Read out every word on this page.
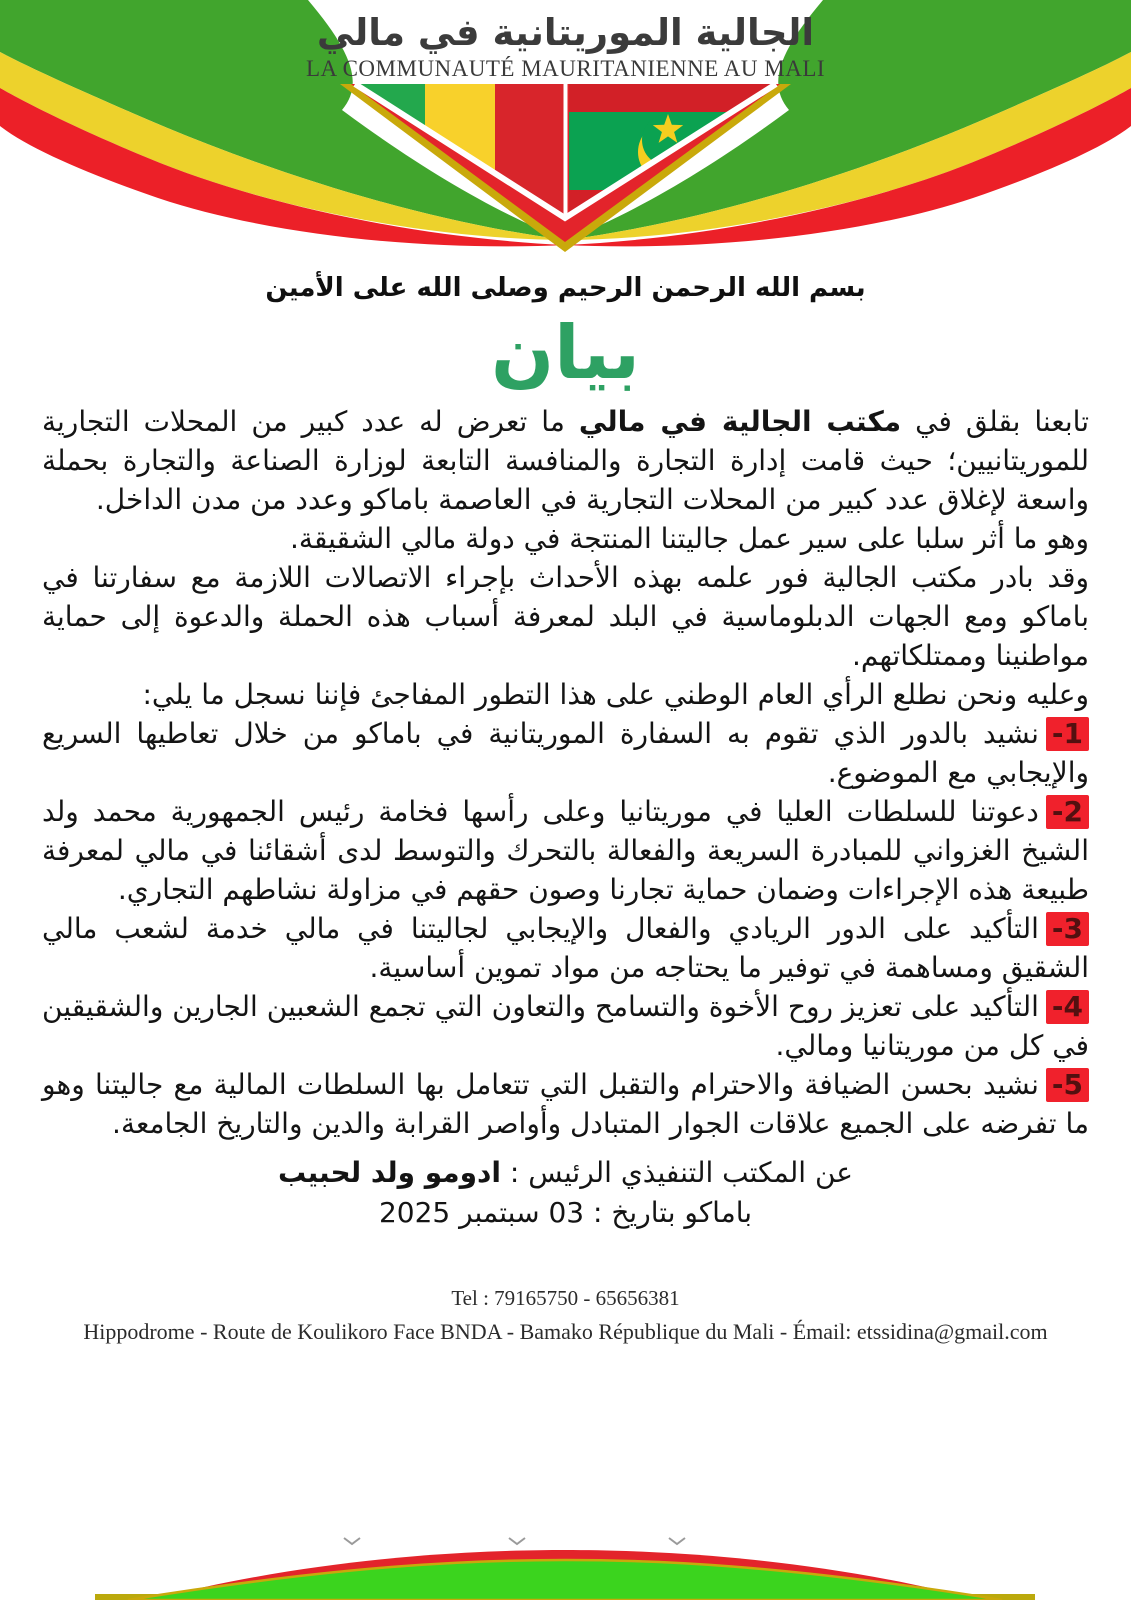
الجالية الموريتانية في مالي
LA COMMUNAUTÉ MAURITANIENNE AU MALI
بسم الله الرحمن الرحيم وصلى الله على الأمين
بيان

تابعنا بقلق في مكتب الجالية في مالي ما تعرض له عدد كبير من المحلات التجارية للموريتانيين؛ حيث قامت إدارة التجارة والمنافسة التابعة لوزارة الصناعة والتجارة بحملة واسعة لإغلاق عدد كبير من المحلات التجارية في العاصمة باماكو وعدد من مدن الداخل.

وهو ما أثر سلبا على سير عمل جاليتنا المنتجة في دولة مالي الشقيقة.

وقد بادر مكتب الجالية فور علمه بهذه الأحداث بإجراء الاتصالات اللازمة مع سفارتنا في باماكو ومع الجهات الدبلوماسية في البلد لمعرفة أسباب هذه الحملة والدعوة إلى حماية مواطنينا وممتلكاتهم.

وعليه ونحن نطلع الرأي العام الوطني على هذا التطور المفاجئ فإننا نسجل ما يلي:

1-نشيد بالدور الذي تقوم به السفارة الموريتانية في باماكو من خلال تعاطيها السريع والإيجابي مع الموضوع.

2-دعوتنا للسلطات العليا في موريتانيا وعلى رأسها فخامة رئيس الجمهورية محمد ولد الشيخ الغزواني للمبادرة السريعة والفعالة بالتحرك والتوسط لدى أشقائنا في مالي لمعرفة طبيعة هذه الإجراءات وضمان حماية تجارنا وصون حقهم في مزاولة نشاطهم التجاري.

3-التأكيد على الدور الريادي والفعال والإيجابي لجاليتنا في مالي خدمة لشعب مالي الشقيق ومساهمة في توفير ما يحتاجه من مواد تموين أساسية.

4-التأكيد على تعزيز روح الأخوة والتسامح والتعاون التي تجمع الشعبين الجارين والشقيقين في كل من موريتانيا ومالي.

5-نشيد بحسن الضيافة والاحترام والتقبل التي تتعامل بها السلطات المالية مع جاليتنا وهو ما تفرضه على الجميع علاقات الجوار المتبادل وأواصر القرابة والدين والتاريخ الجامعة.

عن المكتب التنفيذي الرئيس : ادومو ولد لحبيب
باماكو بتاريخ : 03 سبتمبر 2025
Tel : 79165750 - 65656381
Hippodrome - Route de Koulikoro Face BNDA - Bamako République du Mali - Émail: etssidina@gmail.com
